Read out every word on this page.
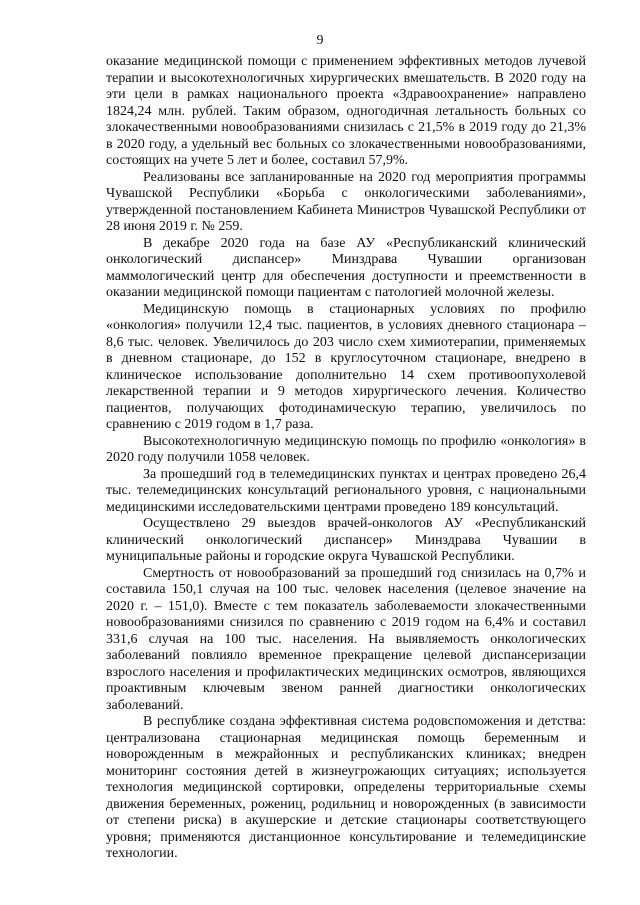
9

оказание медицинской помощи с применением эффективных методов лучевой терапии и высокотехнологичных хирургических вмешательств. В 2020 году на эти цели в рамках национального проекта «Здравоохранение» направлено 1824,24 млн. рублей. Таким образом, одногодичная летальность больных со злокачественными новообразованиями снизилась с 21,5% в 2019 году до 21,3% в 2020 году, а удельный вес больных со злокачественными новообразованиями, состоящих на учете 5 лет и более, составил 57,9%.

Реализованы все запланированные на 2020 год мероприятия программы Чувашской Республики «Борьба с онкологическими заболеваниями», утвержденной постановлением Кабинета Министров Чувашской Республики от 28 июня 2019 г. № 259.

В декабре 2020 года на базе АУ «Республиканский клинический онкологический диспансер» Минздрава Чувашии организован маммологический центр для обеспечения доступности и преемственности в оказании медицинской помощи пациентам с патологией молочной железы.

Медицинскую помощь в стационарных условиях по профилю «онкология» получили 12,4 тыс. пациентов, в условиях дневного стационара – 8,6 тыс. человек. Увеличилось до 203 число схем химиотерапии, применяемых в дневном стационаре, до 152 в круглосуточном стационаре, внедрено в клиническое использование дополнительно 14 схем противоопухолевой лекарственной терапии и 9 методов хирургического лечения. Количество пациентов, получающих фотодинамическую терапию, увеличилось по сравнению с 2019 годом в 1,7 раза.

Высокотехнологичную медицинскую помощь по профилю «онкология» в 2020 году получили 1058 человек.

За прошедший год в телемедицинских пунктах и центрах проведено 26,4 тыс. телемедицинских консультаций регионального уровня, с национальными медицинскими исследовательскими центрами проведено 189 консультаций.

Осуществлено 29 выездов врачей-онкологов АУ «Республиканский клинический онкологический диспансер» Минздрава Чувашии в муниципальные районы и городские округа Чувашской Республики.

Смертность от новообразований за прошедший год снизилась на 0,7% и составила 150,1 случая на 100 тыс. человек населения (целевое значение на 2020 г. – 151,0). Вместе с тем показатель заболеваемости злокачественными новообразованиями снизился по сравнению с 2019 годом на 6,4% и составил 331,6 случая на 100 тыс. населения. На выявляемость онкологических заболеваний повлияло временное прекращение целевой диспансеризации взрослого населения и профилактических медицинских осмотров, являющихся проактивным ключевым звеном ранней диагностики онкологических заболеваний.

В республике создана эффективная система родовспоможения и детства: централизована стационарная медицинская помощь беременным и новорожденным в межрайонных и республиканских клиниках; внедрен мониторинг состояния детей в жизнеугрожающих ситуациях; используется технология медицинской сортировки, определены территориальные схемы движения беременных, рожениц, родильниц и новорожденных (в зависимости от степени риска) в акушерские и детские стационары соответствующего уровня; применяются дистанционное консультирование и телемедицинские технологии.
